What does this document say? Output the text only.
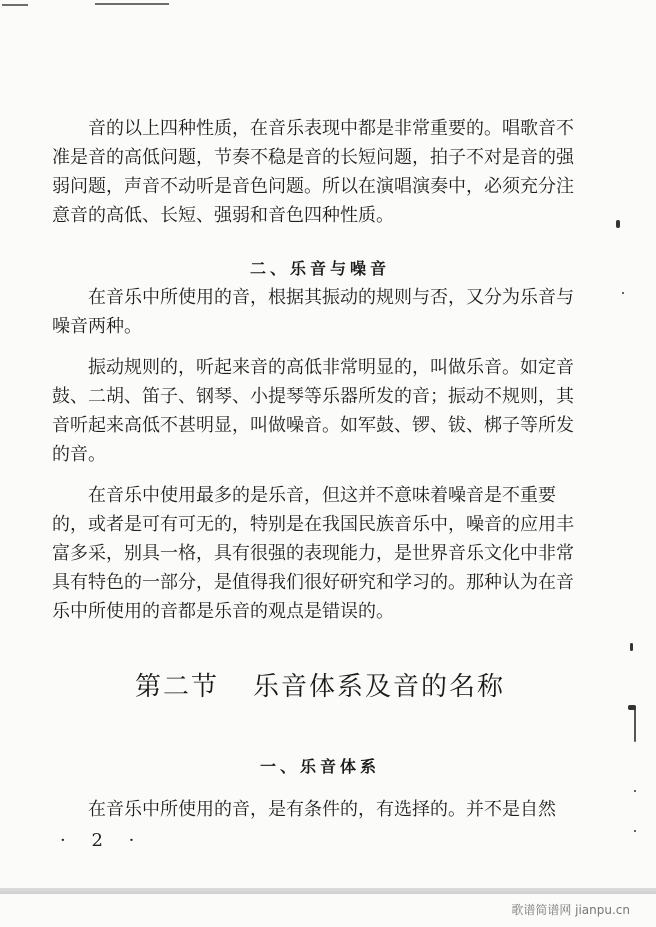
音的以上四种性质，在音乐表现中都是非常重要的。唱歌音不准是音的高低问题，节奏不稳是音的长短问题，拍子不对是音的强弱问题，声音不动听是音色问题。所以在演唱演奏中，必须充分注意音的高低、长短、强弱和音色四种性质。

二、乐音与噪音

在音乐中所使用的音，根据其振动的规则与否，又分为乐音与噪音两种。

振动规则的，听起来音的高低非常明显的，叫做乐音。如定音鼓、二胡、笛子、钢琴、小提琴等乐器所发的音；振动不规则，其音听起来高低不甚明显，叫做噪音。如军鼓、锣、钹、梆子等所发的音。

在音乐中使用最多的是乐音，但这并不意味着噪音是不重要的，或者是可有可无的，特别是在我国民族音乐中，噪音的应用丰富多采，别具一格，具有很强的表现能力，是世界音乐文化中非常具有特色的一部分，是值得我们很好研究和学习的。那种认为在音乐中所使用的音都是乐音的观点是错误的。

第二节 乐音体系及音的名称
一、乐音体系

在音乐中所使用的音，是有条件的，有选择的。并不是自然

· 2 ·
歌谱简谱网 jianpu.cn
